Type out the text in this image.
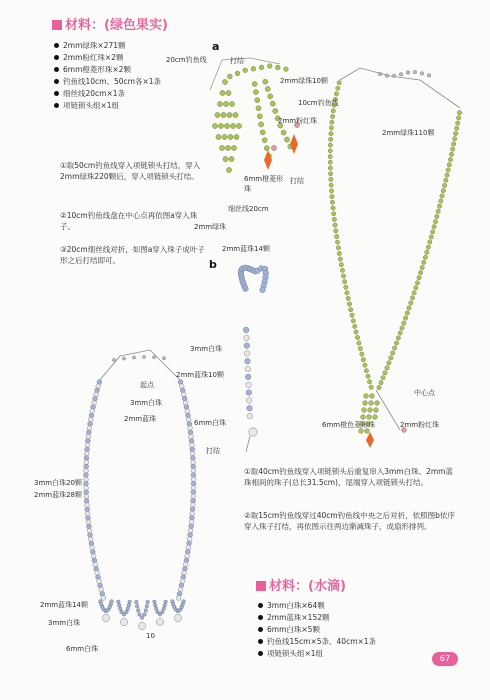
材料：(绿色果实)
2mm绿珠×271颗
2mm粉红珠×2颗
6mm橙菱形珠×2颗
钓鱼线10cm、50cm各×1条
细丝线20cm×1条
项链锁头组×1组
①取50cm钓鱼线穿入项链锁头打结，穿入2mm绿珠220颗后，穿入项链锁头打结。
②10cm钓鱼线盘在中心点再依图a穿入珠子。
③20cm细丝线对折，如图a穿入珠子成叶子形之后打结即可。
a
20cm钓鱼线	打结
2mm绿珠10颗
10cm钓鱼线
2mm粉红珠
6mm橙菱形珠
打结
细丝线20cm
2mm绿珠
2mm绿珠110颗
中心点
6mm橙色菱形珠	2mm粉红珠
b
2mm蓝珠14颗
3mm白珠
2mm蓝珠10颗
6mm白珠
打结
起点
3mm白珠
2mm蓝珠
3mm白珠20颗
2mm蓝珠28颗
2mm蓝珠14颗
3mm白珠
6mm白珠
10
①取40cm钓鱼线穿入项链锁头后重复串入3mm白珠、2mm蓝珠相间的珠子(总长31.5cm)，尾端穿入项链锁头打结。
②取15cm钓鱼线穿过40cm钓鱼线中央之后对折，依照图b依序穿入珠子打结，再依图示往两边渐减珠子，成扇形排列。
材料：(水滴)
3mm白珠×64颗
2mm蓝珠×152颗
6mm白珠×5颗
钓鱼线15cm×5条、40cm×1条
项链锁头组×1组
67
